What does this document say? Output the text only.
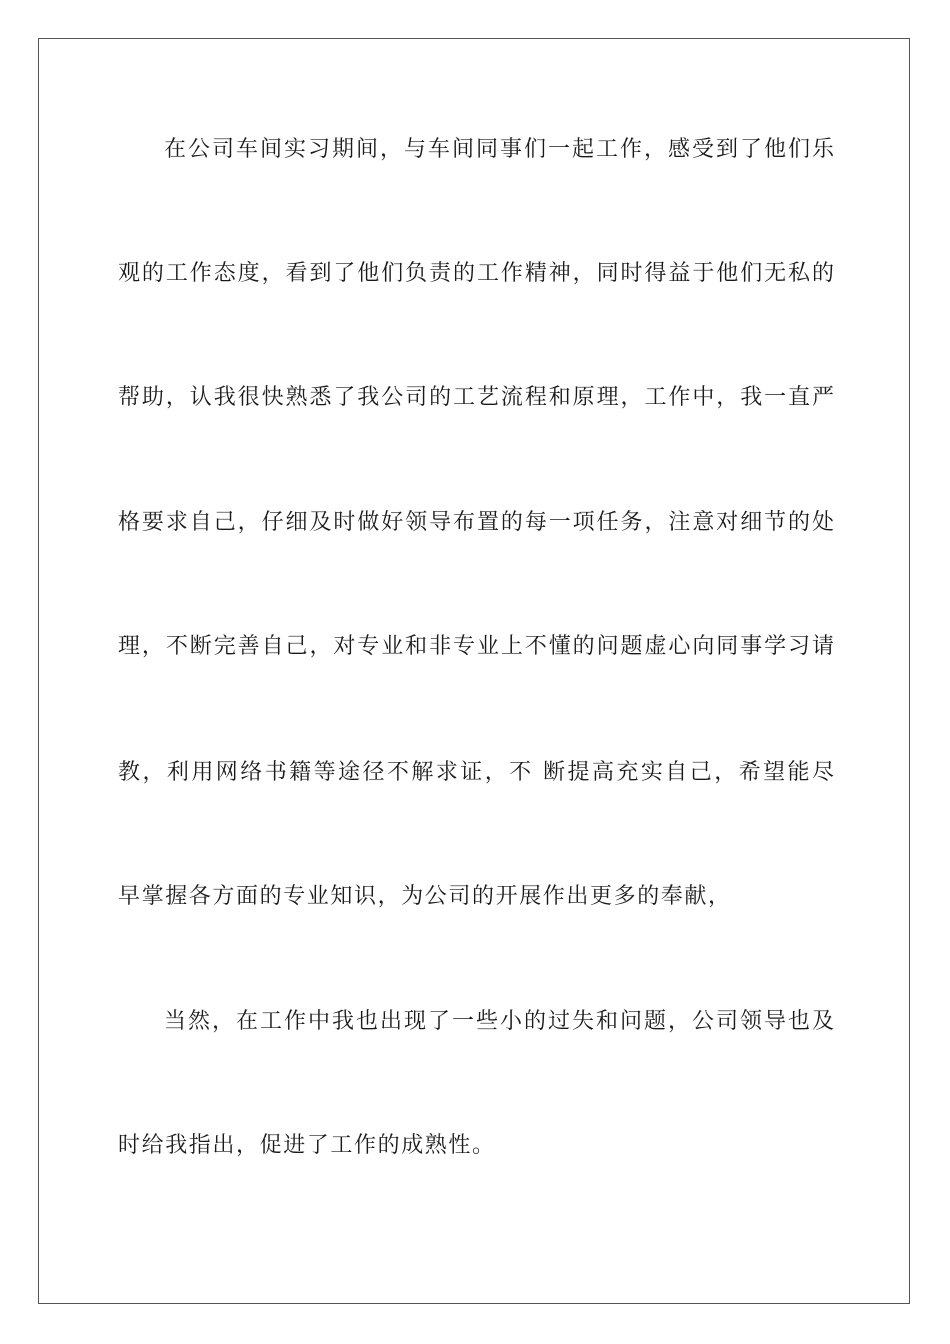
在公司车间实习期间，与车间同事们一起工作，感受到了他们乐

观的工作态度，看到了他们负责的工作精神，同时得益于他们无私的

帮助，认我很快熟悉了我公司的工艺流程和原理，工作中，我一直严

格要求自己，仔细及时做好领导布置的每一项任务，注意对细节的处

理，不断完善自己，对专业和非专业上不懂的问题虚心向同事学习请

教，利用网络书籍等途径不解求证，不 断提高充实自己，希望能尽

早掌握各方面的专业知识，为公司的开展作出更多的奉献，

当然，在工作中我也出现了一些小的过失和问题，公司领导也及

时给我指出，促进了工作的成熟性。
